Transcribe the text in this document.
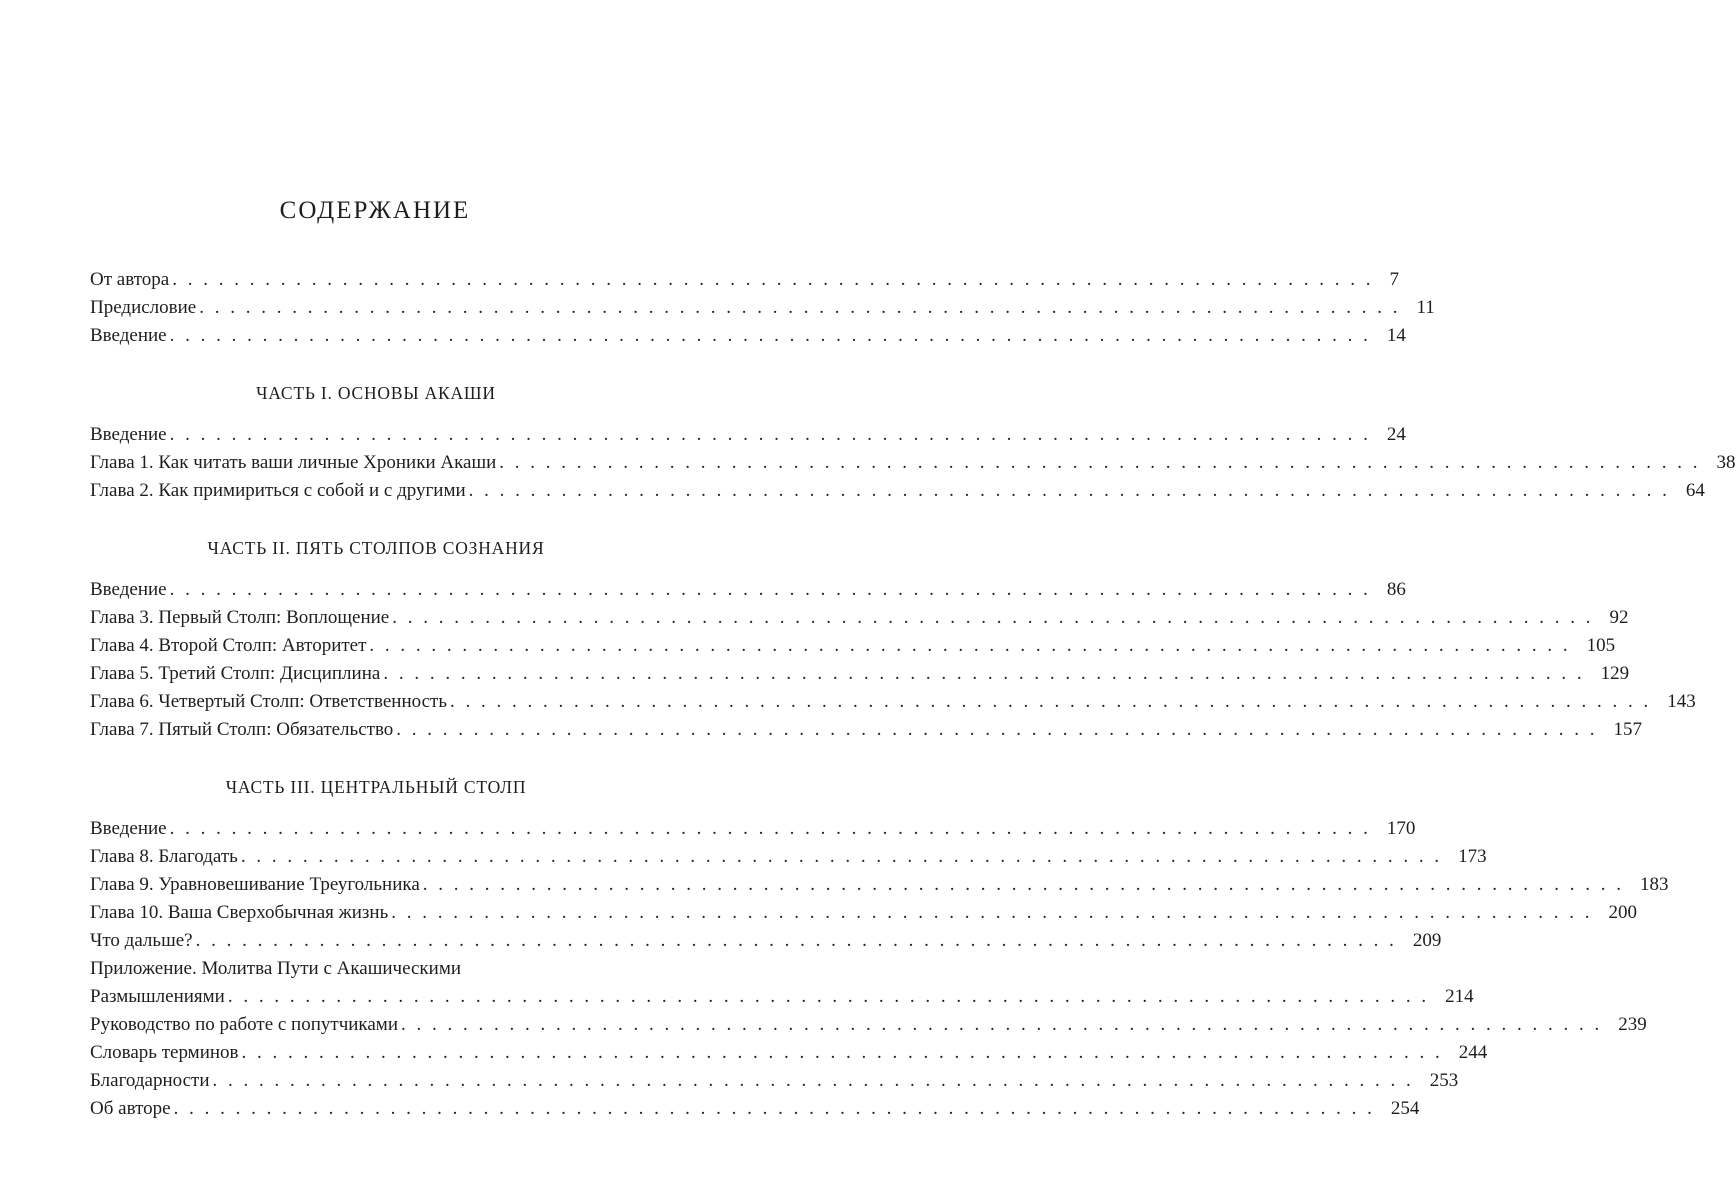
СОДЕРЖАНИЕ
От автора . . . . . . . . . . . . . . . . . . . . . . . . . . . . . . . . . . . . . . . . . . . . . . . . . . . . . . . . . . . . . . . . . . . . . . . . . . . . . . 7
Предисловие . . . . . . . . . . . . . . . . . . . . . . . . . . . . . . . . . . . . . . . . . . . . . . . . . . . . . . . . . . . . . . . . . . . . . . . . . . . . . . 11
Введение . . . . . . . . . . . . . . . . . . . . . . . . . . . . . . . . . . . . . . . . . . . . . . . . . . . . . . . . . . . . . . . . . . . . . . . . . . . . . . 14
ЧАСТЬ I. ОСНОВЫ АКАШИ
Введение . . . . . . . . . . . . . . . . . . . . . . . . . . . . . . . . . . . . . . . . . . . . . . . . . . . . . . . . . . . . . . . . . . . . . . . . . . . . . . 24
Глава 1. Как читать ваши личные Хроники Акаши . . . . . . . . . . . . . . . . . . . . . . . . . . . . . . . . . . . . . . . . . . . . . . . . . . . . . . . . . . . . . . . . . . . . . . . . . . . . . . 38
Глава 2. Как примириться с собой и с другими . . . . . . . . . . . . . . . . . . . . . . . . . . . . . . . . . . . . . . . . . . . . . . . . . . . . . . . . . . . . . . . . . . . . . . . . . . . . . . 64
ЧАСТЬ II. ПЯТЬ СТОЛПОВ СОЗНАНИЯ
Введение . . . . . . . . . . . . . . . . . . . . . . . . . . . . . . . . . . . . . . . . . . . . . . . . . . . . . . . . . . . . . . . . . . . . . . . . . . . . . . 86
Глава 3. Первый Столп: Воплощение . . . . . . . . . . . . . . . . . . . . . . . . . . . . . . . . . . . . . . . . . . . . . . . . . . . . . . . . . . . . . . . . . . . . . . . . . . . . . . 92
Глава 4. Второй Столп: Авторитет . . . . . . . . . . . . . . . . . . . . . . . . . . . . . . . . . . . . . . . . . . . . . . . . . . . . . . . . . . . . . . . . . . . . . . . . . . . . . . 105
Глава 5. Третий Столп: Дисциплина . . . . . . . . . . . . . . . . . . . . . . . . . . . . . . . . . . . . . . . . . . . . . . . . . . . . . . . . . . . . . . . . . . . . . . . . . . . . . . 129
Глава 6. Четвертый Столп: Ответственность . . . . . . . . . . . . . . . . . . . . . . . . . . . . . . . . . . . . . . . . . . . . . . . . . . . . . . . . . . . . . . . . . . . . . . . . . . . . . . 143
Глава 7. Пятый Столп: Обязательство . . . . . . . . . . . . . . . . . . . . . . . . . . . . . . . . . . . . . . . . . . . . . . . . . . . . . . . . . . . . . . . . . . . . . . . . . . . . . . 157
ЧАСТЬ III. ЦЕНТРАЛЬНЫЙ СТОЛП
Введение . . . . . . . . . . . . . . . . . . . . . . . . . . . . . . . . . . . . . . . . . . . . . . . . . . . . . . . . . . . . . . . . . . . . . . . . . . . . . . 170
Глава 8. Благодать . . . . . . . . . . . . . . . . . . . . . . . . . . . . . . . . . . . . . . . . . . . . . . . . . . . . . . . . . . . . . . . . . . . . . . . . . . . . . . 173
Глава 9. Уравновешивание Треугольника . . . . . . . . . . . . . . . . . . . . . . . . . . . . . . . . . . . . . . . . . . . . . . . . . . . . . . . . . . . . . . . . . . . . . . . . . . . . . . 183
Глава 10. Ваша Сверхобычная жизнь . . . . . . . . . . . . . . . . . . . . . . . . . . . . . . . . . . . . . . . . . . . . . . . . . . . . . . . . . . . . . . . . . . . . . . . . . . . . . . 200
Что дальше? . . . . . . . . . . . . . . . . . . . . . . . . . . . . . . . . . . . . . . . . . . . . . . . . . . . . . . . . . . . . . . . . . . . . . . . . . . . . . . 209
Приложение. Молитва Пути с Акашическими
Размышлениями . . . . . . . . . . . . . . . . . . . . . . . . . . . . . . . . . . . . . . . . . . . . . . . . . . . . . . . . . . . . . . . . . . . . . . . . . . . . . . 214
Руководство по работе с попутчиками . . . . . . . . . . . . . . . . . . . . . . . . . . . . . . . . . . . . . . . . . . . . . . . . . . . . . . . . . . . . . . . . . . . . . . . . . . . . . . 239
Словарь терминов . . . . . . . . . . . . . . . . . . . . . . . . . . . . . . . . . . . . . . . . . . . . . . . . . . . . . . . . . . . . . . . . . . . . . . . . . . . . . . 244
Благодарности . . . . . . . . . . . . . . . . . . . . . . . . . . . . . . . . . . . . . . . . . . . . . . . . . . . . . . . . . . . . . . . . . . . . . . . . . . . . . . 253
Об авторе . . . . . . . . . . . . . . . . . . . . . . . . . . . . . . . . . . . . . . . . . . . . . . . . . . . . . . . . . . . . . . . . . . . . . . . . . . . . . . 254
